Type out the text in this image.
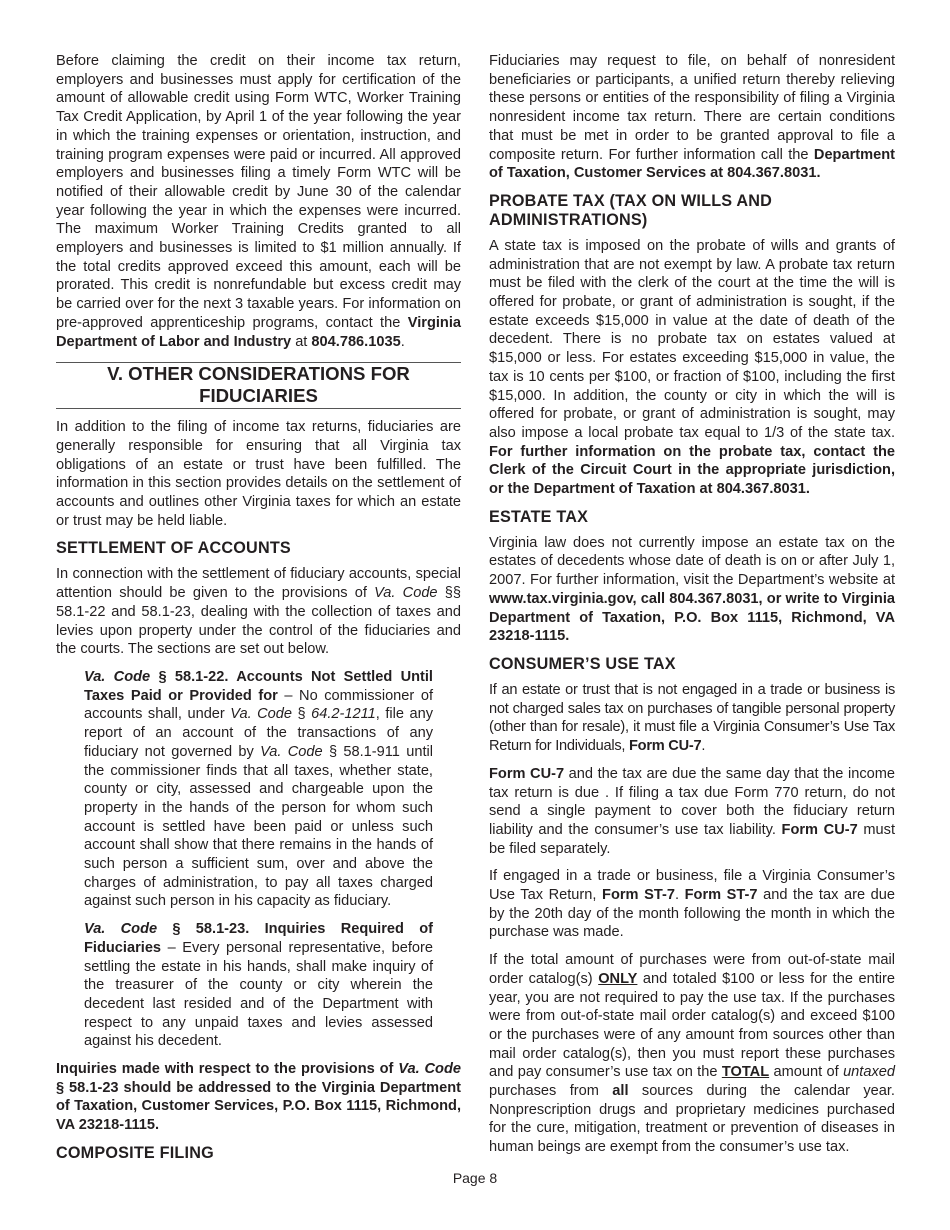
Before claiming the credit on their income tax return, employers and businesses must apply for certification of the amount of allowable credit using Form WTC, Worker Training Tax Credit Application, by April 1 of the year following the year in which the training expenses or orientation, instruction, and training program expenses were paid or incurred. All approved employers and businesses filing a timely Form WTC will be notified of their allowable credit by June 30 of the calendar year following the year in which the expenses were incurred. The maximum Worker Training Credits granted to all employers and businesses is limited to $1 million annually. If the total credits approved exceed this amount, each will be prorated. This credit is nonrefundable but excess credit may be carried over for the next 3 taxable years. For information on pre-approved apprenticeship programs, contact the Virginia Department of Labor and Industry at 804.786.1035.

V. OTHER CONSIDERATIONS FOR FIDUCIARIES

In addition to the filing of income tax returns, fiduciaries are generally responsible for ensuring that all Virginia tax obligations of an estate or trust have been fulfilled. The information in this section provides details on the settlement of accounts and outlines other Virginia taxes for which an estate or trust may be held liable.

SETTLEMENT OF ACCOUNTS

In connection with the settlement of fiduciary accounts, special attention should be given to the provisions of Va. Code §§ 58.1-22 and 58.1-23, dealing with the collection of taxes and levies upon property under the control of the fiduciaries and the courts. The sections are set out below.

Va. Code § 58.1-22. Accounts Not Settled Until Taxes Paid or Provided for – No commissioner of accounts shall, under Va. Code § 64.2-1211, file any report of an account of the transactions of any fiduciary not governed by Va. Code § 58.1-911 until the commissioner finds that all taxes, whether state, county or city, assessed and chargeable upon the property in the hands of the person for whom such account is settled have been paid or unless such account shall show that there remains in the hands of such person a sufficient sum, over and above the charges of administration, to pay all taxes charged against such person in his capacity as fiduciary.

Va. Code § 58.1-23. Inquiries Required of Fiduciaries – Every personal representative, before settling the estate in his hands, shall make inquiry of the treasurer of the county or city wherein the decedent last resided and of the Department with respect to any unpaid taxes and levies assessed against his decedent.

Inquiries made with respect to the provisions of Va. Code § 58.1-23 should be addressed to the Virginia Department of Taxation, Customer Services, P.O. Box 1115, Richmond, VA 23218-1115.

COMPOSITE FILING

Fiduciaries may request to file, on behalf of nonresident beneficiaries or participants, a unified return thereby relieving these persons or entities of the responsibility of filing a Virginia nonresident income tax return. There are certain conditions that must be met in order to be granted approval to file a composite return. For further information call the Department of Taxation, Customer Services at 804.367.8031.

PROBATE TAX (TAX ON WILLS AND ADMINISTRATIONS)

A state tax is imposed on the probate of wills and grants of administration that are not exempt by law. A probate tax return must be filed with the clerk of the court at the time the will is offered for probate, or grant of administration is sought, if the estate exceeds $15,000 in value at the date of death of the decedent. There is no probate tax on estates valued at $15,000 or less. For estates exceeding $15,000 in value, the tax is 10 cents per $100, or fraction of $100, including the first $15,000. In addition, the county or city in which the will is offered for probate, or grant of administration is sought, may also impose a local probate tax equal to 1/3 of the state tax. For further information on the probate tax, contact the Clerk of the Circuit Court in the appropriate jurisdiction, or the Department of Taxation at 804.367.8031.

ESTATE TAX

Virginia law does not currently impose an estate tax on the estates of decedents whose date of death is on or after July 1, 2007. For further information, visit the Department’s website at www.tax.virginia.gov, call 804.367.8031, or write to Virginia Department of Taxation, P.O. Box 1115, Richmond, VA 23218-1115.

CONSUMER’S USE TAX

If an estate or trust that is not engaged in a trade or business is not charged sales tax on purchases of tangible personal property (other than for resale), it must file a Virginia Consumer’s Use Tax Return for Individuals, Form CU-7.

Form CU-7 and the tax are due the same day that the income tax return is due . If filing a tax due Form 770 return, do not send a single payment to cover both the fiduciary return liability and the consumer’s use tax liability. Form CU-7 must be filed separately.

If engaged in a trade or business, file a Virginia Consumer’s Use Tax Return, Form ST-7. Form ST-7 and the tax are due by the 20th day of the month following the month in which the purchase was made.

If the total amount of purchases were from out-of-state mail order catalog(s) ONLY and totaled $100 or less for the entire year, you are not required to pay the use tax. If the purchases were from out-of-state mail order catalog(s) and exceed $100 or the purchases were of any amount from sources other than mail order catalog(s), then you must report these purchases and pay consumer’s use tax on the TOTAL amount of untaxed purchases from all sources during the calendar year. Nonprescription drugs and proprietary medicines purchased for the cure, mitigation, treatment or prevention of diseases in human beings are exempt from the consumer’s use tax.

Page 8
